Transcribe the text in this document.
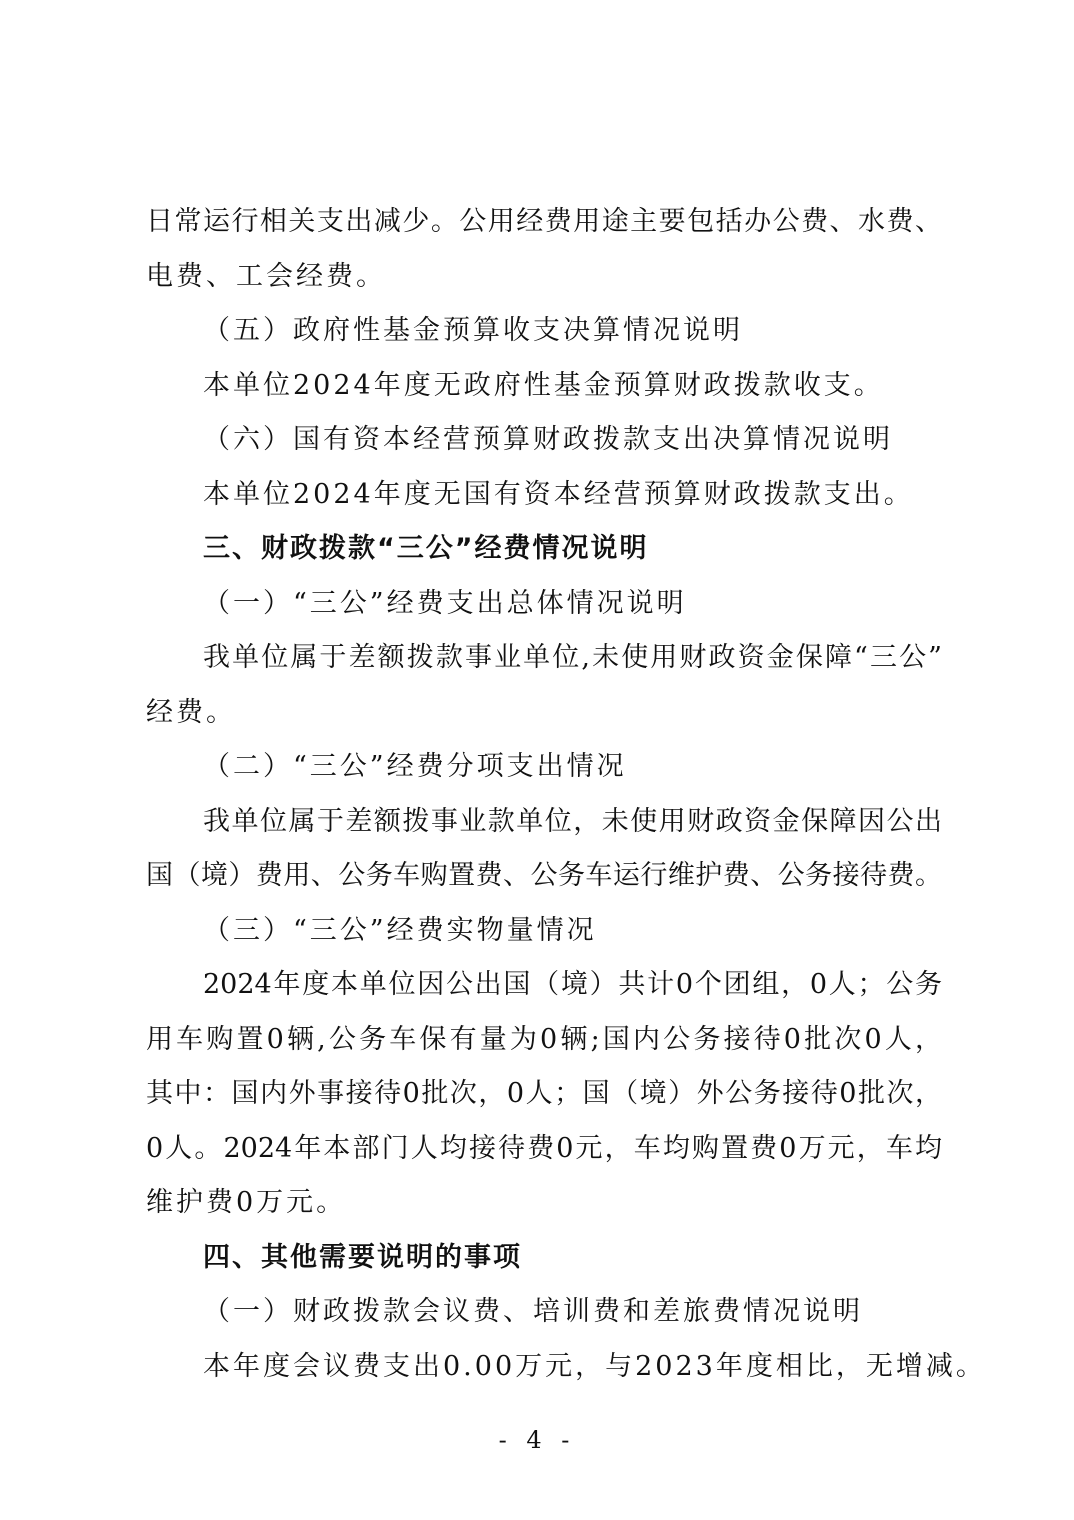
日常运行相关支出减少。公用经费用途主要包括办公费、水费、

电费、工会经费。

（五）政府性基金预算收支决算情况说明

本单位2024年度无政府性基金预算财政拨款收支。

（六）国有资本经营预算财政拨款支出决算情况说明

本单位2024年度无国有资本经营预算财政拨款支出。

三、财政拨款“三公”经费情况说明

（一）“三公”经费支出总体情况说明

我单位属于差额拨款事业单位,未使用财政资金保障“三公”

经费。

（二）“三公”经费分项支出情况

我单位属于差额拨事业款单位，未使用财政资金保障因公出

国（境）费用、公务车购置费、公务车运行维护费、公务接待费。

（三）“三公”经费实物量情况

2024年度本单位因公出国（境）共计0个团组，0人；公务

用车购置0辆,公务车保有量为0辆;国内公务接待0批次0人，

其中：国内外事接待0批次，0人；国（境）外公务接待0批次，

0人。2024年本部门人均接待费0元，车均购置费0万元，车均

维护费0万元。

四、其他需要说明的事项

（一）财政拨款会议费、培训费和差旅费情况说明

本年度会议费支出0.00万元，与2023年度相比，无增减。

- 4 -
